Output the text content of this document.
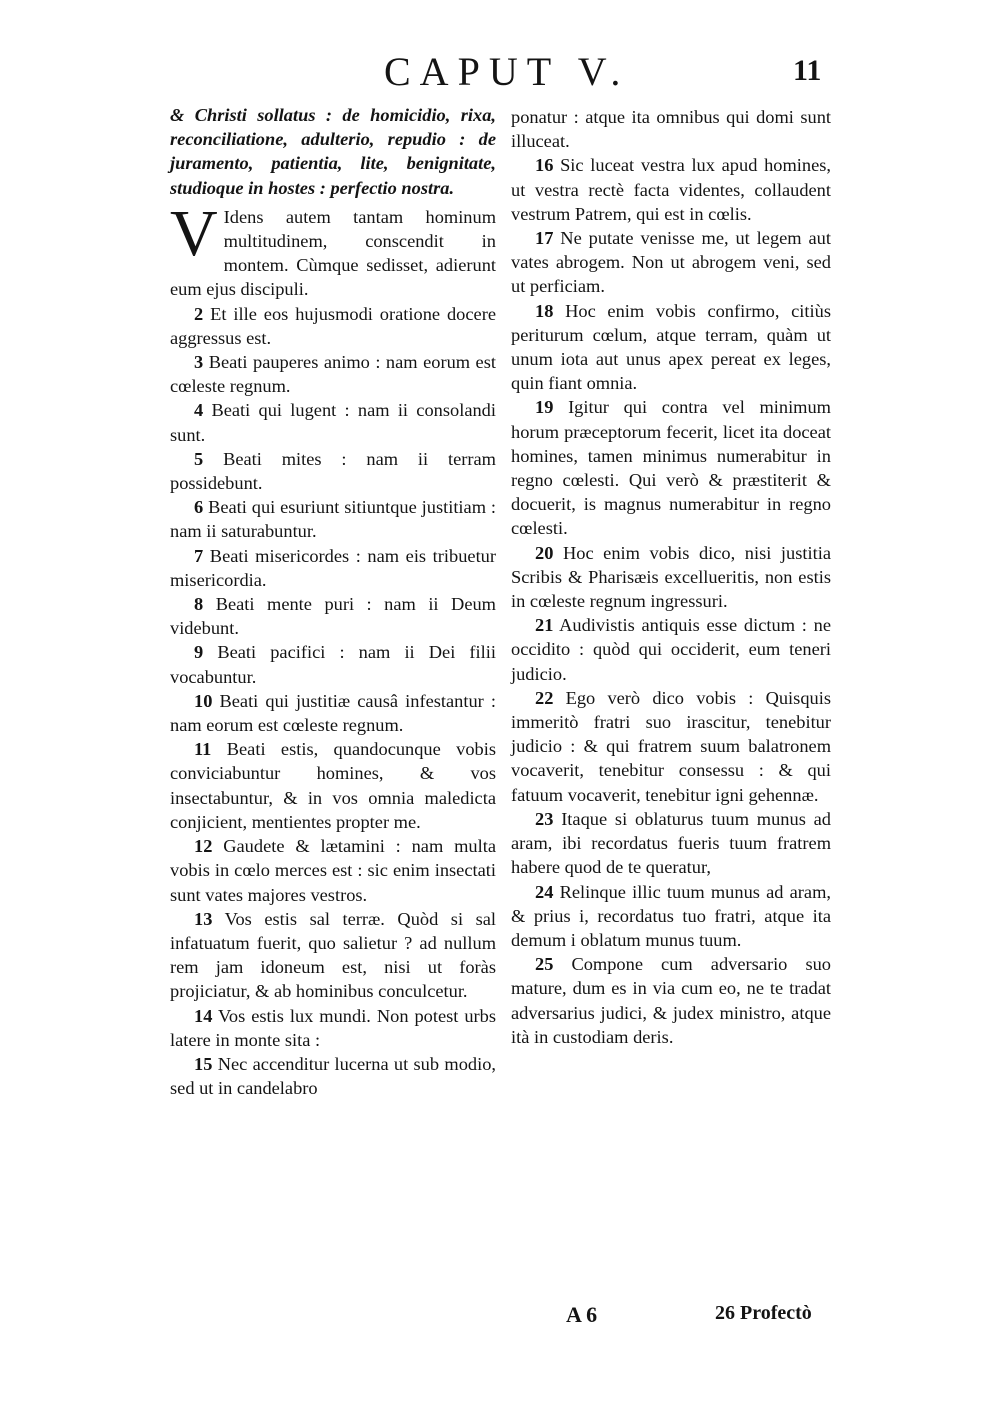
CAPUT V.	11

& Christi sollatus : de homicidio, rixa, reconciliatione, adulterio, repudio : de juramento, patientia, lite, benignitate, studioque in hostes : perfectio nostra.

V Idens autem tantam hominum multitudinem, conscendit in montem. Cùmque sedisset, adierunt eum ejus discipuli.

2 Et ille eos hujusmodi oratione docere aggressus est.

3 Beati pauperes animo : nam eorum est cœleste regnum.

4 Beati qui lugent : nam ii consolandi sunt.

5 Beati mites : nam ii terram possidebunt.

6 Beati qui esuriunt sitiuntque justitiam : nam ii saturabuntur.

7 Beati misericordes : nam eis tribuetur misericordia.

8 Beati mente puri : nam ii Deum videbunt.

9 Beati pacifici : nam ii Dei filii vocabuntur.

10 Beati qui justitiæ causâ infestantur : nam eorum est cœleste regnum.

11 Beati estis, quandocunque vobis conviciabuntur homines, & vos insectabuntur, & in vos omnia maledicta conjicient, mentientes propter me.

12 Gaudete & lætamini : nam multa vobis in cœlo merces est : sic enim insectati sunt vates majores vestros.

13 Vos estis sal terræ. Quòd si sal infatuatum fuerit, quo salietur ? ad nullum rem jam idoneum est, nisi ut foràs projiciatur, & ab hominibus conculcetur.

14 Vos estis lux mundi. Non potest urbs latere in monte sita :

15 Nec accenditur lucerna ut sub modio, sed ut in candelabro

ponatur : atque ita omnibus qui domi sunt illuceat.

16 Sic luceat vestra lux apud homines, ut vestra rectè facta videntes, collaudent vestrum Patrem, qui est in cœlis.

17 Ne putate venisse me, ut legem aut vates abrogem. Non ut abrogem veni, sed ut perficiam.

18 Hoc enim vobis confirmo, citiùs periturum cœlum, atque terram, quàm ut unum iota aut unus apex pereat ex leges, quin fiant omnia.

19 Igitur qui contra vel minimum horum præceptorum fecerit, licet ita doceat homines, tamen minimus numerabitur in regno cœlesti. Qui verò & præstiterit & docuerit, is magnus numerabitur in regno cœlesti.

20 Hoc enim vobis dico, nisi justitia Scribis & Pharisæis excellueritis, non estis in cœleste regnum ingressuri.

21 Audivistis antiquis esse dictum : ne occidito : quòd qui occiderit, eum teneri judicio.

22 Ego verò dico vobis : Quisquis immeritò fratri suo irascitur, tenebitur judicio : & qui fratrem suum balatronem vocaverit, tenebitur consessu : & qui fatuum vocaverit, tenebitur igni gehennæ.

23 Itaque si oblaturus tuum munus ad aram, ibi recordatus fueris tuum fratrem habere quod de te queratur,

24 Relinque illic tuum munus ad aram, & prius i, recordatus tuo fratri, atque ita demum i oblatum munus tuum.

25 Compone cum adversario suo mature, dum es in via cum eo, ne te tradat adversarius judici, & judex ministro, atque ità in custodiam deris.

A 6	26 Profectò
